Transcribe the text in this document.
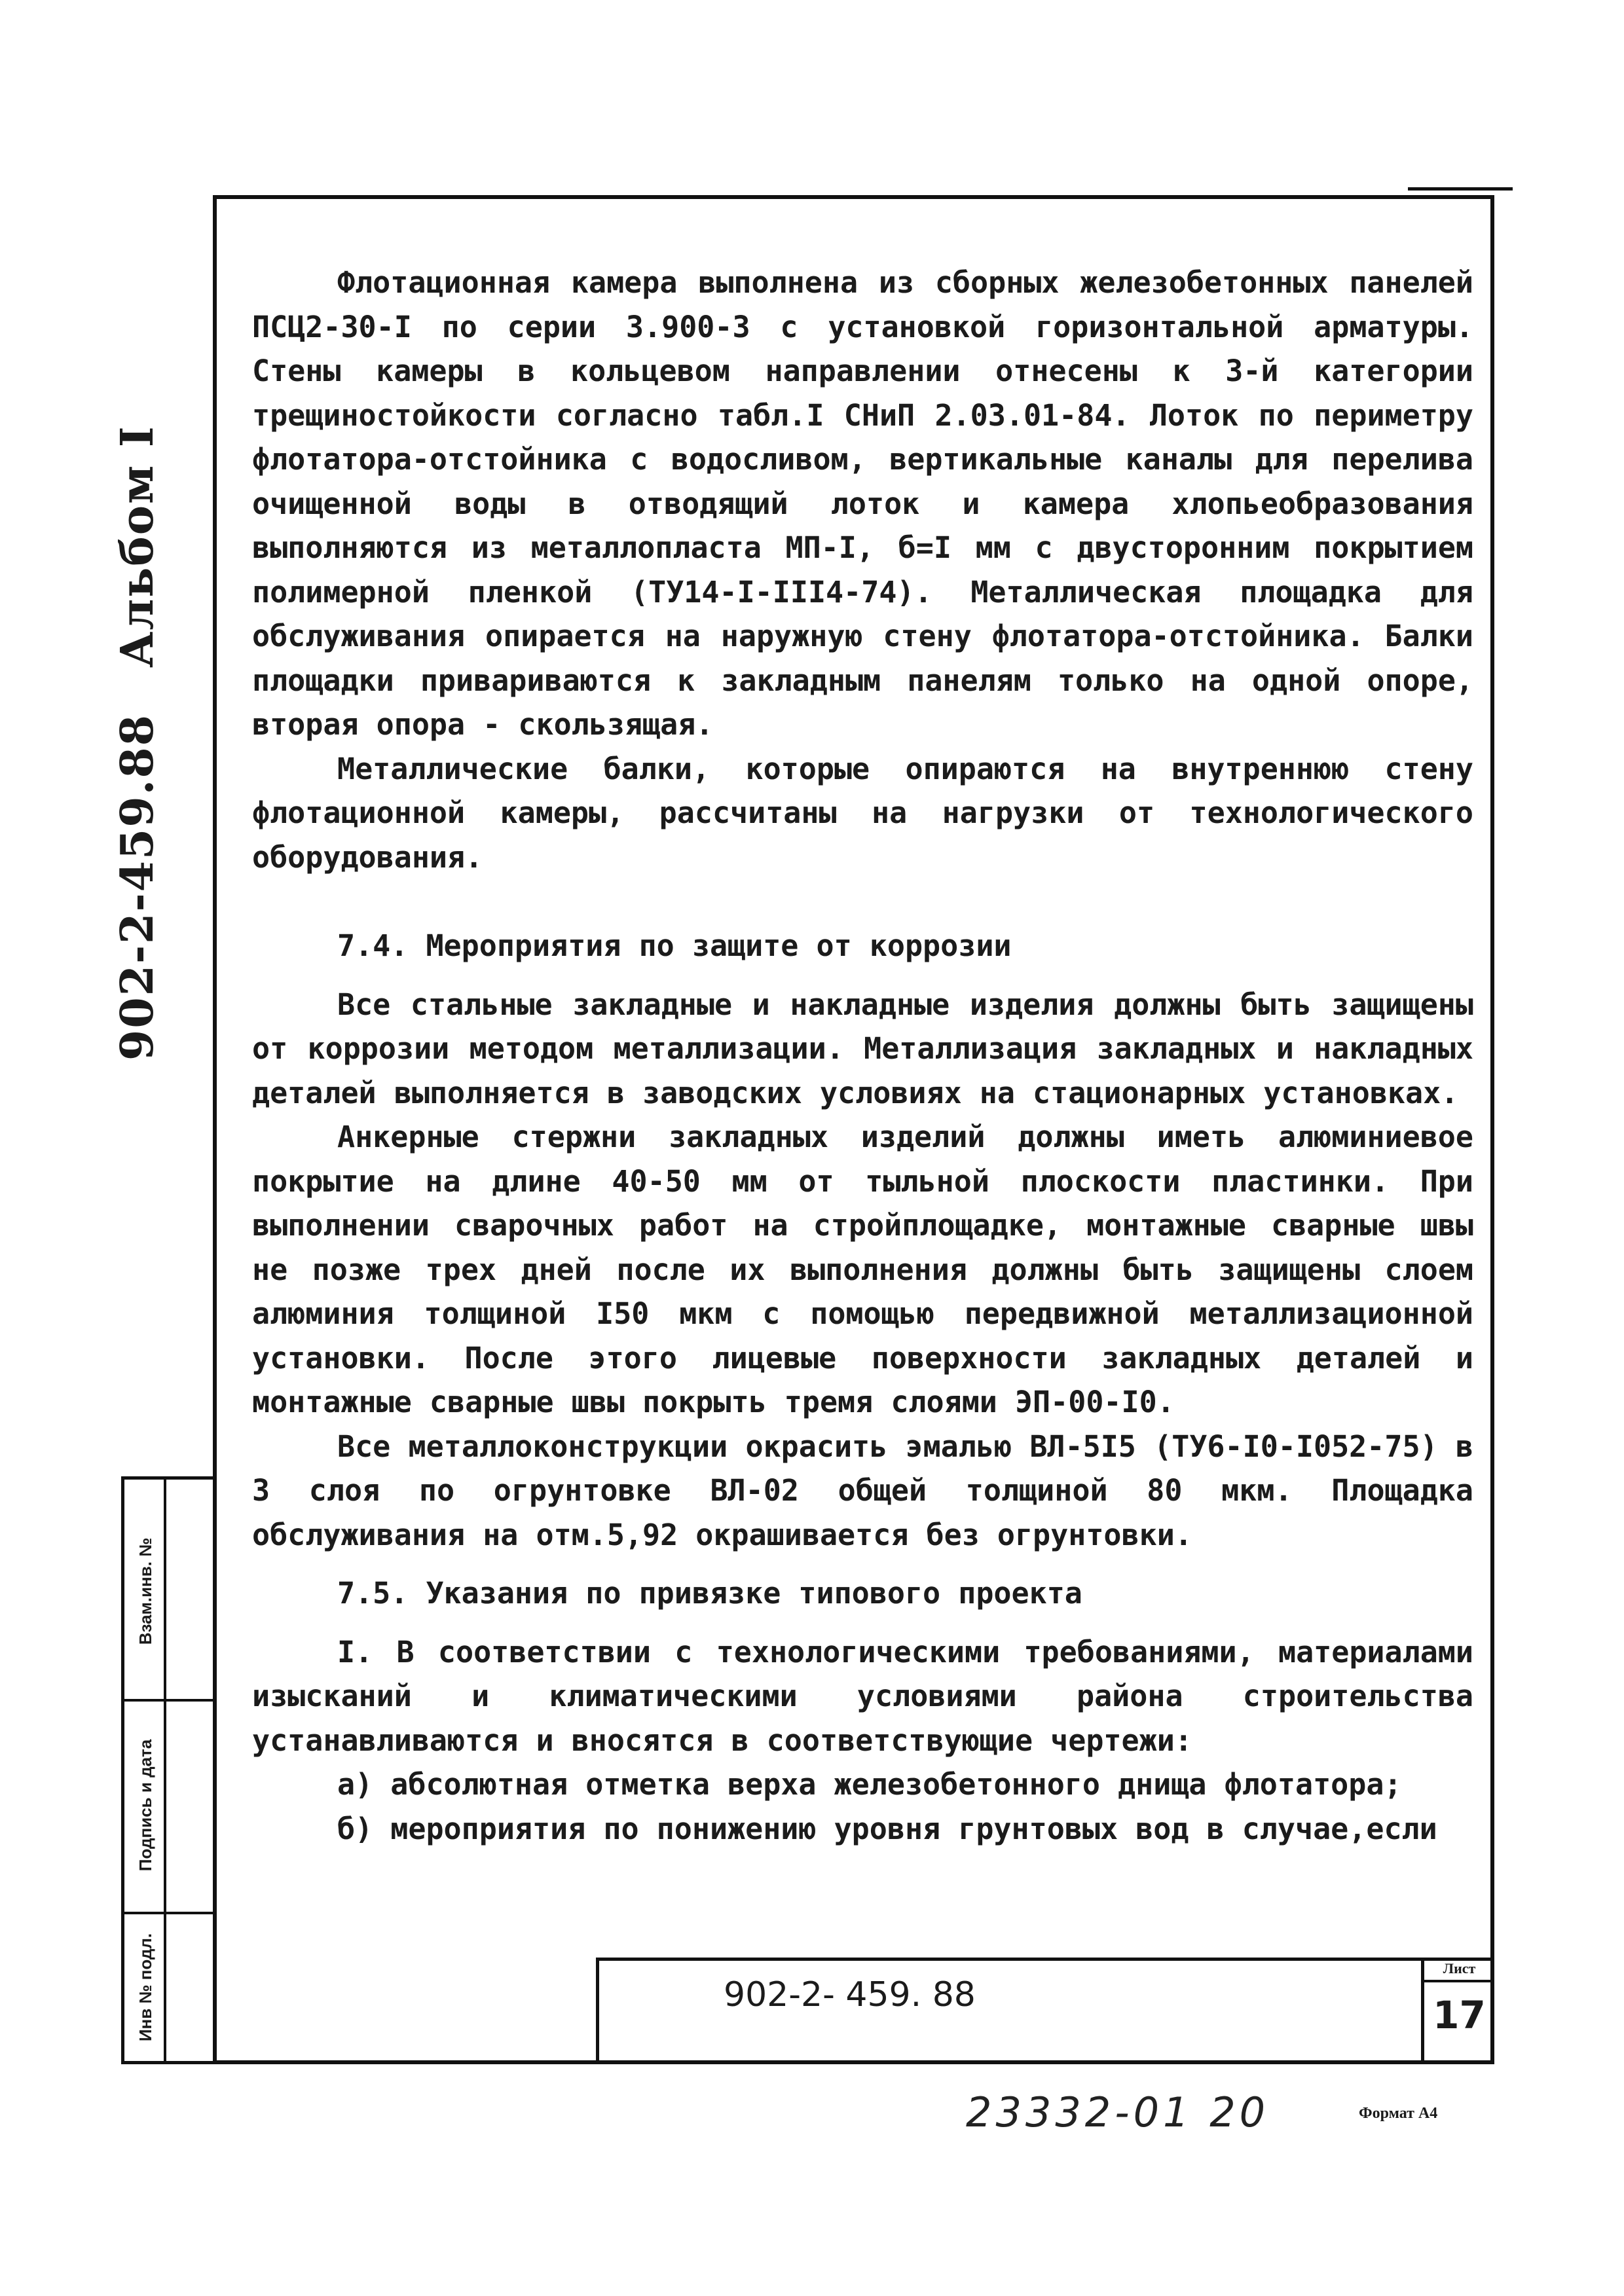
902-2-459.88
Альбом I
Взам.инв. №
Подпись и дата
Инв № подл.

Флотационная камера выполнена из сборных железобетонных панелей ПСЦ2-30-I по серии 3.900-3 с установкой горизонтальной арматуры. Стены камеры в кольцевом направлении отнесены к 3-й категории трещиностойкости согласно табл.I СНиП 2.03.01-84. Лоток по периметру флотатора-отстойника с водосливом, вертикальные каналы для перелива очищенной воды в отводящий лоток и камера хлопьеобразования выполняются из металлопласта МП-I, б=I мм с двусторонним покрытием полимерной пленкой (ТУ14-I-III4-74). Металлическая площадка для обслуживания опирается на наружную стену флотатора-отстойника. Балки площадки привариваются к закладным панелям только на одной опоре, вторая опора - скользящая.

Металлические балки, которые опираются на внутреннюю стену флотационной камеры, рассчитаны на нагрузки от технологического оборудования.

7.4. Мероприятия по защите от коррозии

Все стальные закладные и накладные изделия должны быть защищены от коррозии методом металлизации. Металлизация закладных и накладных деталей выполняется в заводских условиях на стационарных установках.

Анкерные стержни закладных изделий должны иметь алюминиевое покрытие на длине 40-50 мм от тыльной плоскости пластинки. При выполнении сварочных работ на стройплощадке, монтажные сварные швы не позже трех дней после их выполнения должны быть защищены слоем алюминия толщиной I50 мкм с помощью передвижной металлизационной установки. После этого лицевые поверхности закладных деталей и монтажные сварные швы покрыть тремя слоями ЭП-00-I0.

Все металлоконструкции окрасить эмалью ВЛ-5I5 (ТУ6-I0-I052-75) в 3 слоя по огрунтовке ВЛ-02 общей толщиной 80 мкм. Площадка обслуживания на отм.5,92 окрашивается без огрунтовки.

7.5. Указания по привязке типового проекта

I. В соответствии с технологическими требованиями, материалами изысканий и климатическими условиями района строительства устанавливаются и вносятся в соответствующие чертежи:

а) абсолютная отметка верха железобетонного днища флотатора;

б) мероприятия по понижению уровня грунтовых вод в случае,если

902-2- 459. 88
Лист
17
23332-01 20	Формат А4
